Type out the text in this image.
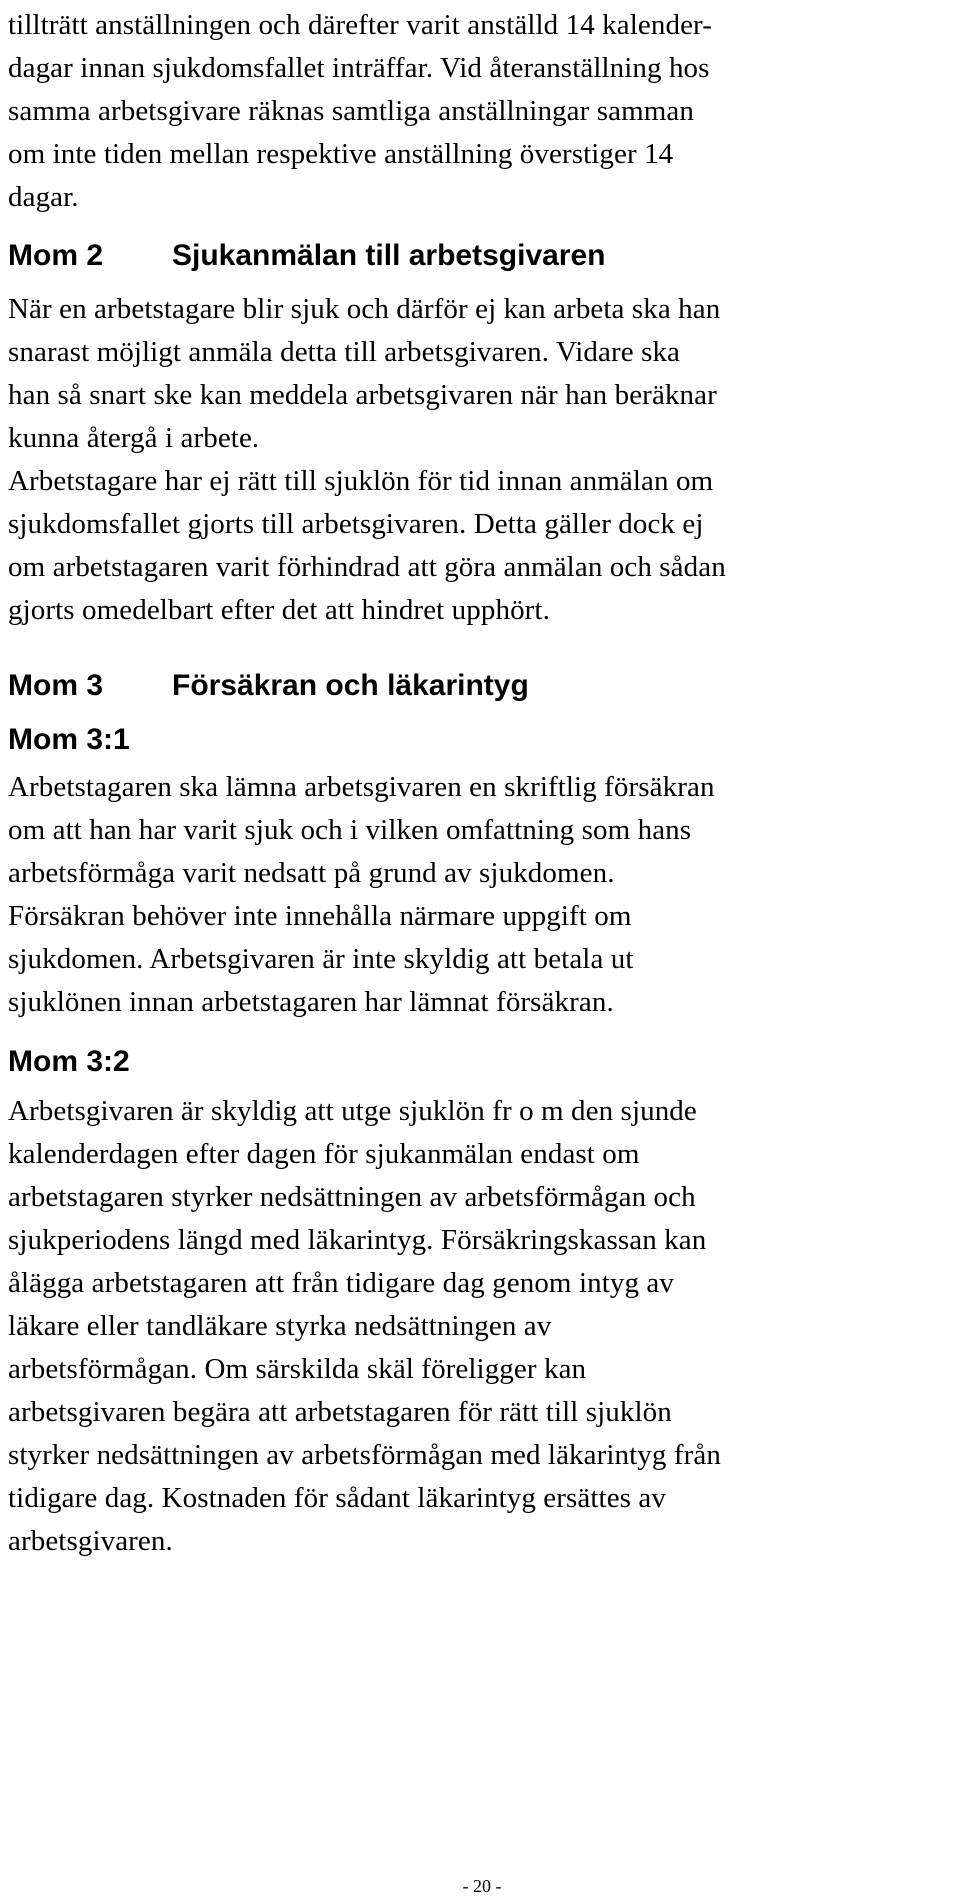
tillträtt anställningen och därefter varit anställd 14 kalender-
dagar innan sjukdomsfallet inträffar. Vid återanställning hos
samma arbetsgivare räknas samtliga anställningar samman
om inte tiden mellan respektive anställning överstiger 14
dagar.
Mom 2 Sjukanmälan till arbetsgivaren
När en arbetstagare blir sjuk och därför ej kan arbeta ska han
snarast möjligt anmäla detta till arbetsgivaren. Vidare ska
han så snart ske kan meddela arbetsgivaren när han beräknar
kunna återgå i arbete.
Arbetstagare har ej rätt till sjuklön för tid innan anmälan om
sjukdomsfallet gjorts till arbetsgivaren. Detta gäller dock ej
om arbetstagaren varit förhindrad att göra anmälan och sådan
gjorts omedelbart efter det att hindret upphört.
Mom 3 Försäkran och läkarintyg
Mom 3:1
Arbetstagaren ska lämna arbetsgivaren en skriftlig försäkran
om att han har varit sjuk och i vilken omfattning som hans
arbetsförmåga varit nedsatt på grund av sjukdomen.
Försäkran behöver inte innehålla närmare uppgift om
sjukdomen. Arbetsgivaren är inte skyldig att betala ut
sjuklönen innan arbetstagaren har lämnat försäkran.
Mom 3:2
Arbetsgivaren är skyldig att utge sjuklön fr o m den sjunde
kalenderdagen efter dagen för sjukanmälan endast om
arbetstagaren styrker nedsättningen av arbetsförmågan och
sjukperiodens längd med läkarintyg. Försäkringskassan kan
ålägga arbetstagaren att från tidigare dag genom intyg av
läkare eller tandläkare styrka nedsättningen av
arbetsförmågan. Om särskilda skäl föreligger kan
arbetsgivaren begära att arbetstagaren för rätt till sjuklön
styrker nedsättningen av arbetsförmågan med läkarintyg från
tidigare dag. Kostnaden för sådant läkarintyg ersättes av
arbetsgivaren.
- 20 -
